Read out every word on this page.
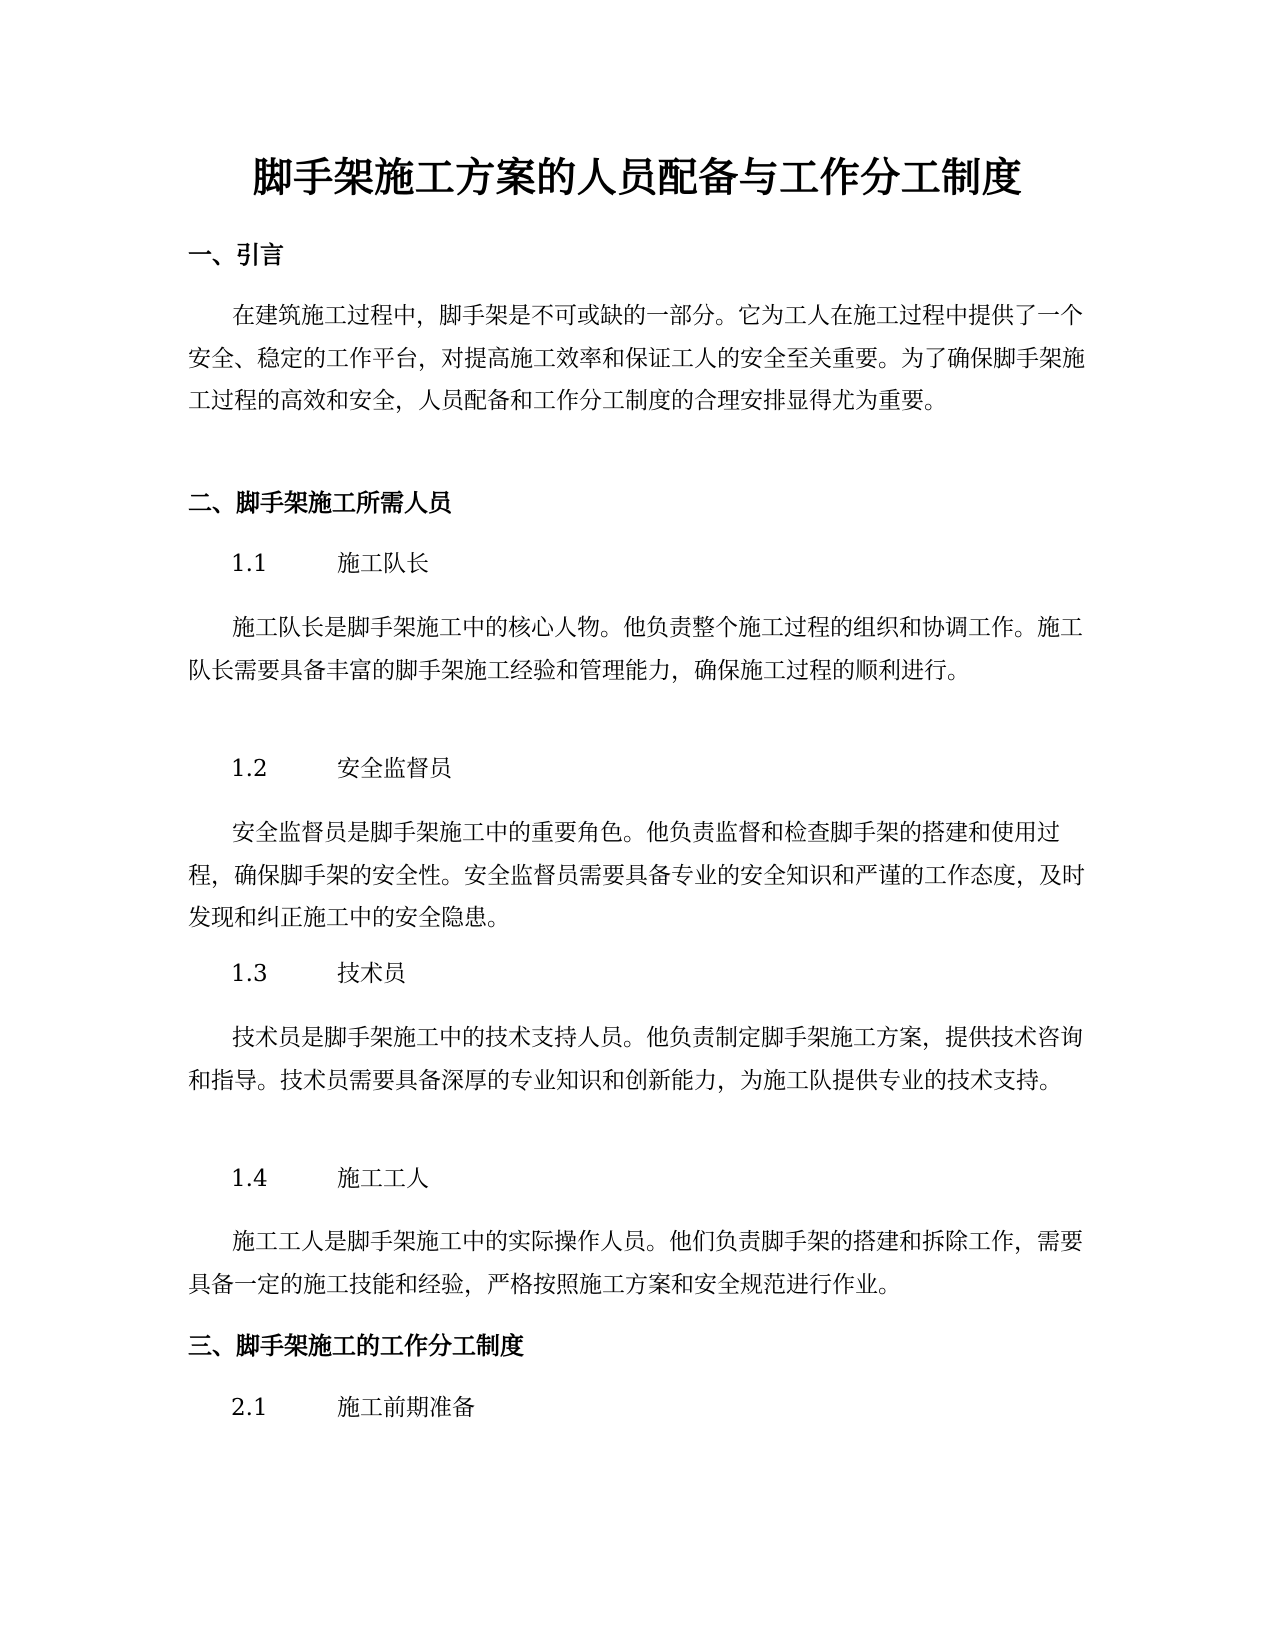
脚手架施工方案的人员配备与工作分工制度
一、引言

在建筑施工过程中，脚手架是不可或缺的一部分。它为工人在施工过程中提供了一个安全、稳定的工作平台，对提高施工效率和保证工人的安全至关重要。为了确保脚手架施工过程的高效和安全，人员配备和工作分工制度的合理安排显得尤为重要。

二、脚手架施工所需人员
1.1	施工队长

施工队长是脚手架施工中的核心人物。他负责整个施工过程的组织和协调工作。施工队长需要具备丰富的脚手架施工经验和管理能力，确保施工过程的顺利进行。

1.2	安全监督员

安全监督员是脚手架施工中的重要角色。他负责监督和检查脚手架的搭建和使用过程，确保脚手架的安全性。安全监督员需要具备专业的安全知识和严谨的工作态度，及时发现和纠正施工中的安全隐患。

1.3	技术员

技术员是脚手架施工中的技术支持人员。他负责制定脚手架施工方案，提供技术咨询和指导。技术员需要具备深厚的专业知识和创新能力，为施工队提供专业的技术支持。

1.4	施工工人

施工工人是脚手架施工中的实际操作人员。他们负责脚手架的搭建和拆除工作，需要具备一定的施工技能和经验，严格按照施工方案和安全规范进行作业。

三、脚手架施工的工作分工制度
2.1	施工前期准备
